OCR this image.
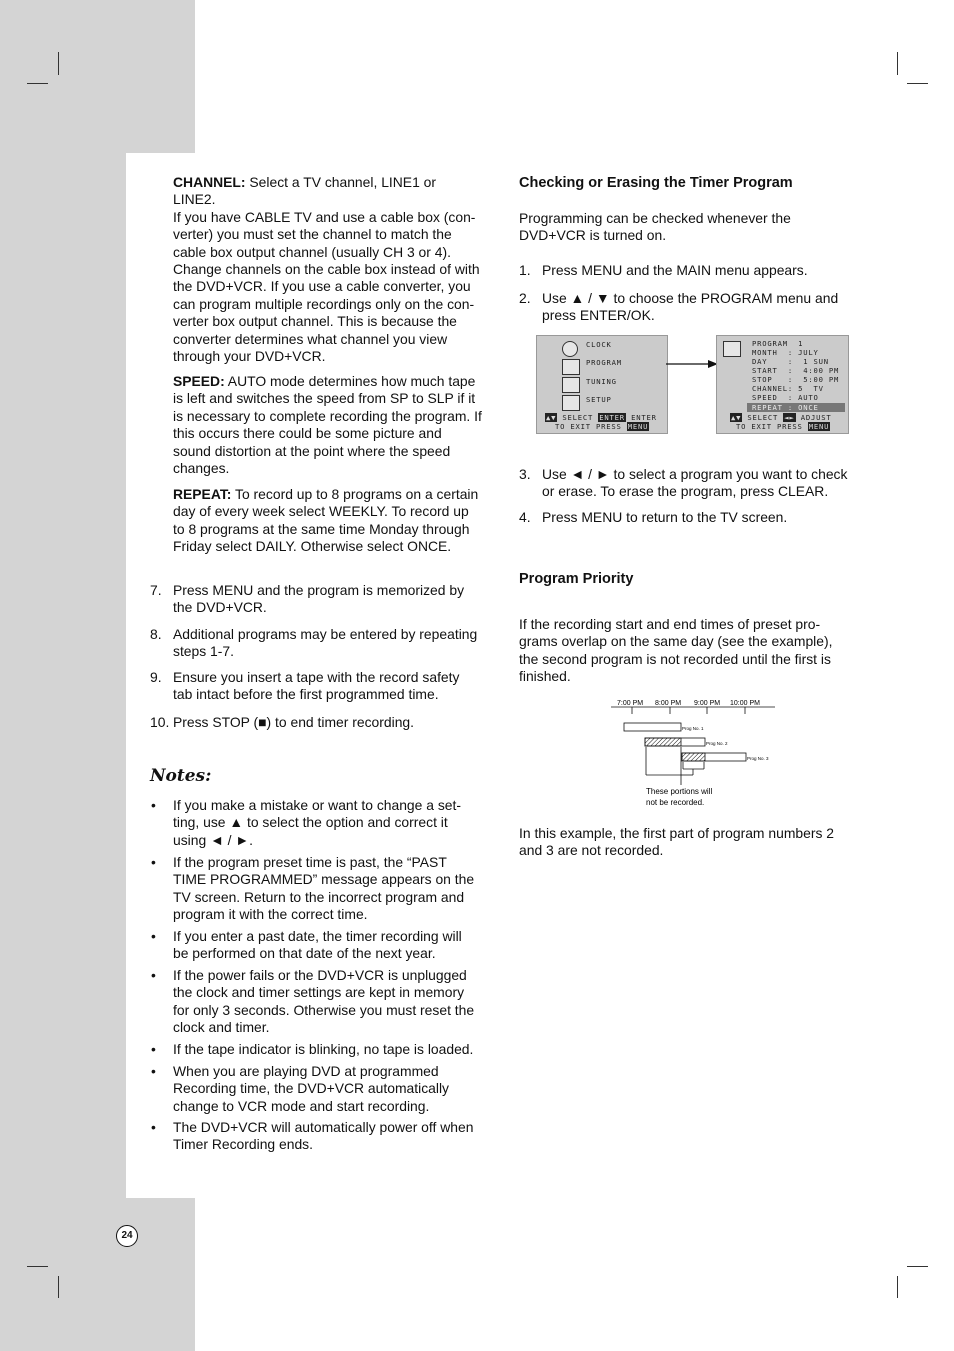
CHANNEL: Select a TV channel, LINE1 or
LINE2.
If you have CABLE TV and use a cable box (con-
verter) you must set the channel to match the
cable box output channel (usually CH 3 or 4).
Change channels on the cable box instead of with
the DVD+VCR. If you use a cable converter, you
can program multiple recordings only on the con-
verter box output channel. This is because the
converter determines what channel you view
through your DVD+VCR.
SPEED: AUTO mode determines how much tape
is left and switches the speed from SP to SLP if it
is necessary to complete recording the program. If
this occurs there could be some picture and
sound distortion at the point where the speed
changes.
REPEAT: To record up to 8 programs on a certain
day of every week select WEEKLY. To record up
to 8 programs at the same time Monday through
Friday select DAILY. Otherwise select ONCE.
7. Press MENU and the program is memorized by
the DVD+VCR.
8. Additional programs may be entered by repeating
steps 1-7.
9. Ensure you insert a tape with the record safety
tab intact before the first programmed time.
10. Press STOP (■) to end timer recording.
Notes:
• If you make a mistake or want to change a set-
ting, use ▲ to select the option and correct it
using ◄ / ►.
• If the program preset time is past, the “PAST
TIME PROGRAMMED” message appears on the
TV screen. Return to the incorrect program and
program it with the correct time.
• If you enter a past date, the timer recording will
be performed on that date of the next year.
• If the power fails or the DVD+VCR is unplugged
the clock and timer settings are kept in memory
for only 3 seconds. Otherwise you must reset the
clock and timer.
• If the tape indicator is blinking, no tape is loaded.
• When you are playing DVD at programmed
Recording time, the DVD+VCR automatically
change to VCR mode and start recording.
• The DVD+VCR will automatically power off when
Timer Recording ends.
Checking or Erasing the Timer Program
Programming can be checked whenever the
DVD+VCR is turned on.
1. Press MENU and the MAIN menu appears.
2. Use ▲ / ▼ to choose the PROGRAM menu and
press ENTER/OK.
CLOCK
PROGRAM
TUNING
SETUP
▲▼ SELECT ENTER ENTER
TO EXIT PRESS MENU
PROGRAM  1
MONTH  : JULY
DAY    :  1 SUN
START  :  4:00 PM
STOP   :  5:00 PM
CHANNEL: 5  TV
SPEED  : AUTO
REPEAT : ONCE
▲▼ SELECT ◄► ADJUST
TO EXIT PRESS MENU
3. Use ◄ / ► to select a program you want to check
or erase. To erase the program, press CLEAR.
4. Press MENU to return to the TV screen.
Program Priority
If the recording start and end times of preset pro-
grams overlap on the same day (see the example),
the second program is not recorded until the first is
finished.
7:00 PM 8:00 PM 9:00 PM 10:00 PM
Prog No. 1
Prog No. 2
Prog No. 3
These portions will
not be recorded.
In this example, the first part of program numbers 2
and 3 are not recorded.
24
